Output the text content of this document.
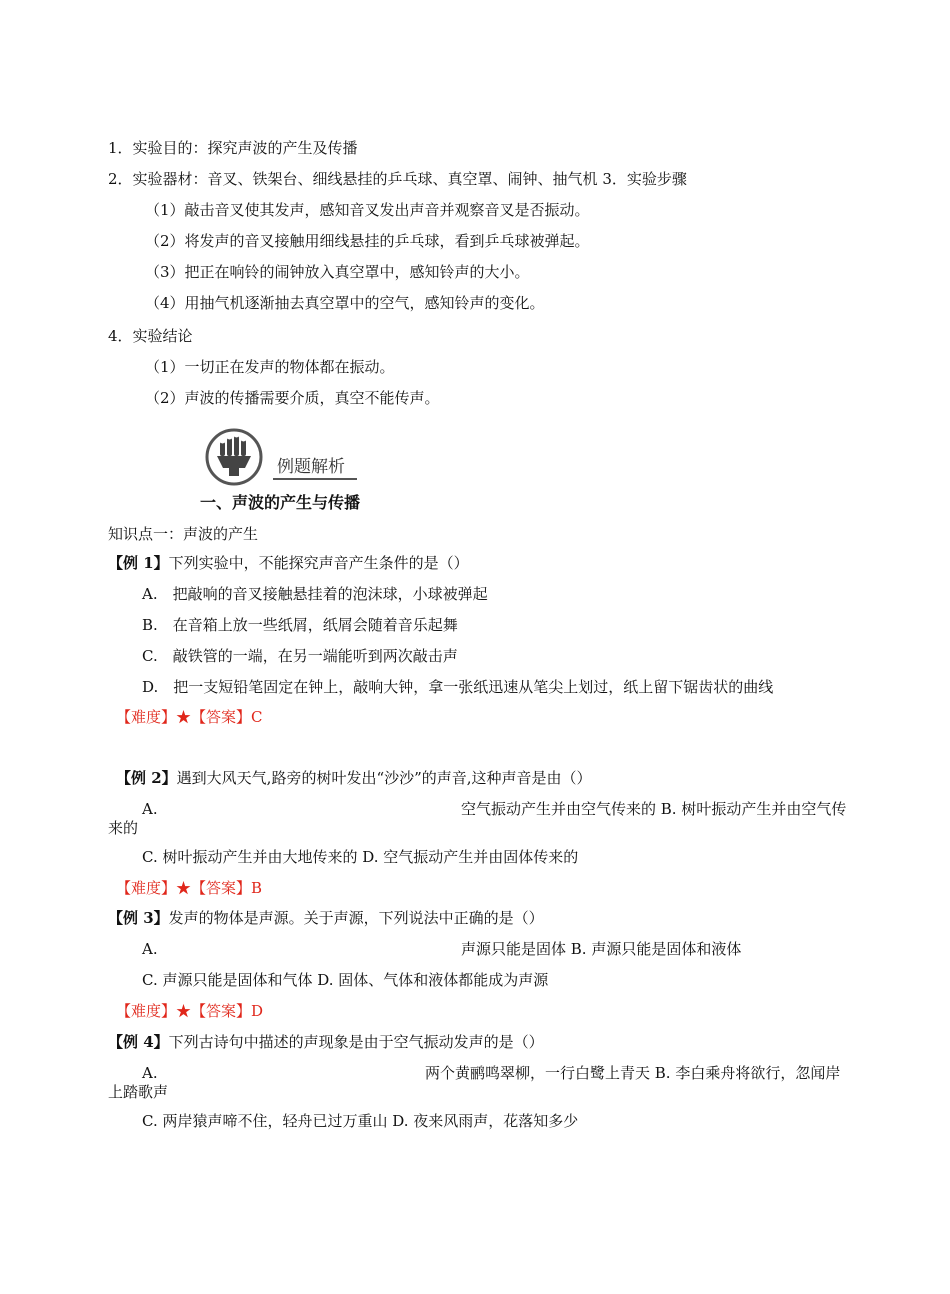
1．实验目的：探究声波的产生及传播
2．实验器材：音叉、铁架台、细线悬挂的乒乓球、真空罩、闹钟、抽气机 3．实验步骤
（1）敲击音叉使其发声，感知音叉发出声音并观察音叉是否振动。
（2）将发声的音叉接触用细线悬挂的乒乓球，看到乒乓球被弹起。
（3）把正在响铃的闹钟放入真空罩中，感知铃声的大小。
（4）用抽气机逐渐抽去真空罩中的空气，感知铃声的变化。
4．实验结论
（1）一切正在发声的物体都在振动。
（2）声波的传播需要介质，真空不能传声。
例题解析
一、声波的产生与传播
知识点一：声波的产生
【例 1】下列实验中，不能探究声音产生条件的是（）
A.　把敲响的音叉接触悬挂着的泡沫球，小球被弹起
B.　在音箱上放一些纸屑，纸屑会随着音乐起舞
C.　敲铁管的一端，在另一端能听到两次敲击声
D.　把一支短铅笔固定在钟上，敲响大钟，拿一张纸迅速从笔尖上划过，纸上留下锯齿状的曲线
【难度】★【答案】C
【例 2】遇到大风天气,路旁的树叶发出“沙沙”的声音,这种声音是由（）
A.	空气振动产生并由空气传来的 B. 树叶振动产生并由空气传
来的
C. 树叶振动产生并由大地传来的 D. 空气振动产生并由固体传来的
【难度】★【答案】B
【例 3】发声的物体是声源。关于声源，下列说法中正确的是（）
A.	声源只能是固体 B. 声源只能是固体和液体
C. 声源只能是固体和气体 D. 固体、气体和液体都能成为声源
【难度】★【答案】D
【例 4】下列古诗句中描述的声现象是由于空气振动发声的是（）
A.	两个黄鹂鸣翠柳，一行白鹭上青天 B. 李白乘舟将欲行，忽闻岸
上踏歌声
C. 两岸猿声啼不住，轻舟已过万重山 D. 夜来风雨声，花落知多少
